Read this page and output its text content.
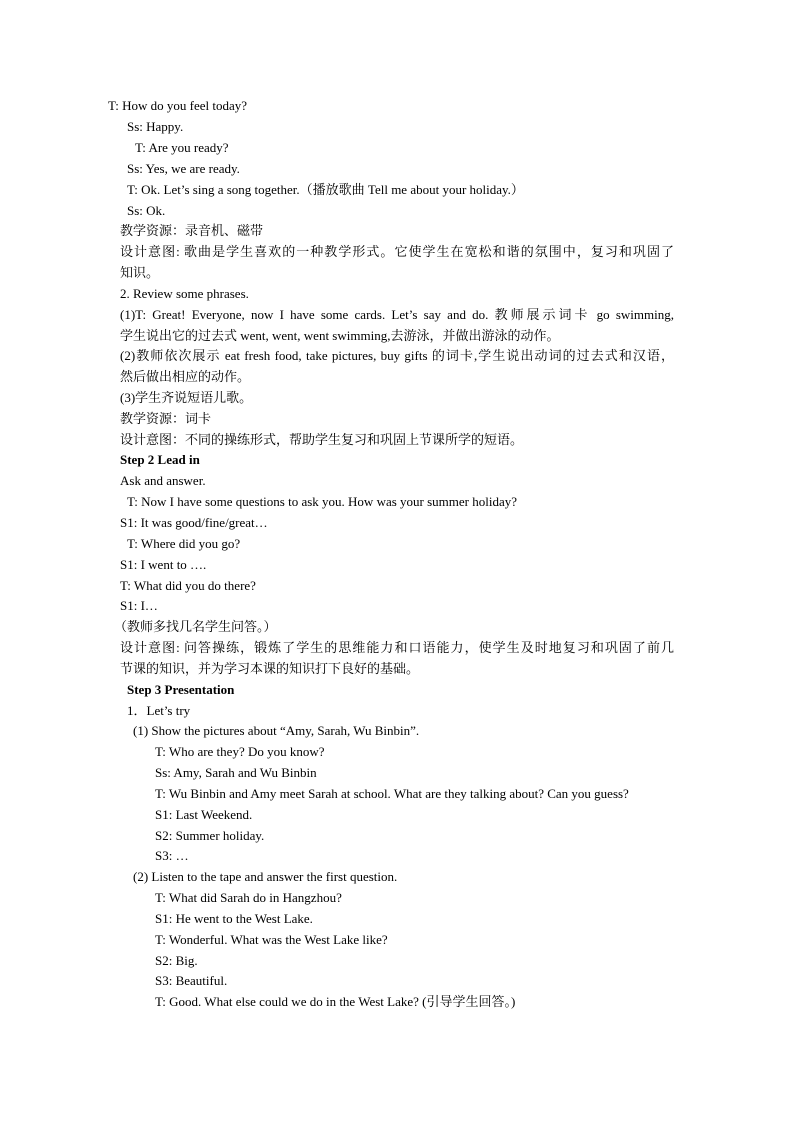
T: How do you feel today?
Ss: Happy.
T: Are you ready?
Ss: Yes, we are ready.
T: Ok. Let’s sing a song together.（播放歌曲 Tell me about your holiday.）
Ss: Ok.
教学资源：录音机、磁带
设计意图: 歌曲是学生喜欢的一种教学形式。它使学生在宽松和谐的氛围中，复习和巩固了
知识。
2. Review some phrases.
(1)T: Great! Everyone, now I have some cards. Let’s say and do. 教师展示词卡 go swimming,
学生说出它的过去式 went, went, went swimming,去游泳，并做出游泳的动作。
(2)教师依次展示 eat fresh food, take pictures, buy gifts 的词卡,学生说出动词的过去式和汉语，
然后做出相应的动作。
(3)学生齐说短语儿歌。
教学资源：词卡
设计意图：不同的操练形式，帮助学生复习和巩固上节课所学的短语。
Step 2 Lead in
Ask and answer.
T: Now I have some questions to ask you. How was your summer holiday?
S1: It was good/fine/great…
T: Where did you go?
S1: I went to ….
T: What did you do there?
S1: I…
（教师多找几名学生问答。）
设计意图: 问答操练，锻炼了学生的思维能力和口语能力，使学生及时地复习和巩固了前几
节课的知识，并为学习本课的知识打下良好的基础。
Step 3 Presentation
1．Let’s try
(1) Show the pictures about “Amy, Sarah, Wu Binbin”.
T: Who are they? Do you know?
Ss: Amy, Sarah and Wu Binbin
T: Wu Binbin and Amy meet Sarah at school. What are they talking about? Can you guess?
S1: Last Weekend.
S2: Summer holiday.
S3: …
(2) Listen to the tape and answer the first question.
T: What did Sarah do in Hangzhou?
S1: He went to the West Lake.
T: Wonderful. What was the West Lake like?
S2: Big.
S3: Beautiful.
T: Good. What else could we do in the West Lake? (引导学生回答。)
